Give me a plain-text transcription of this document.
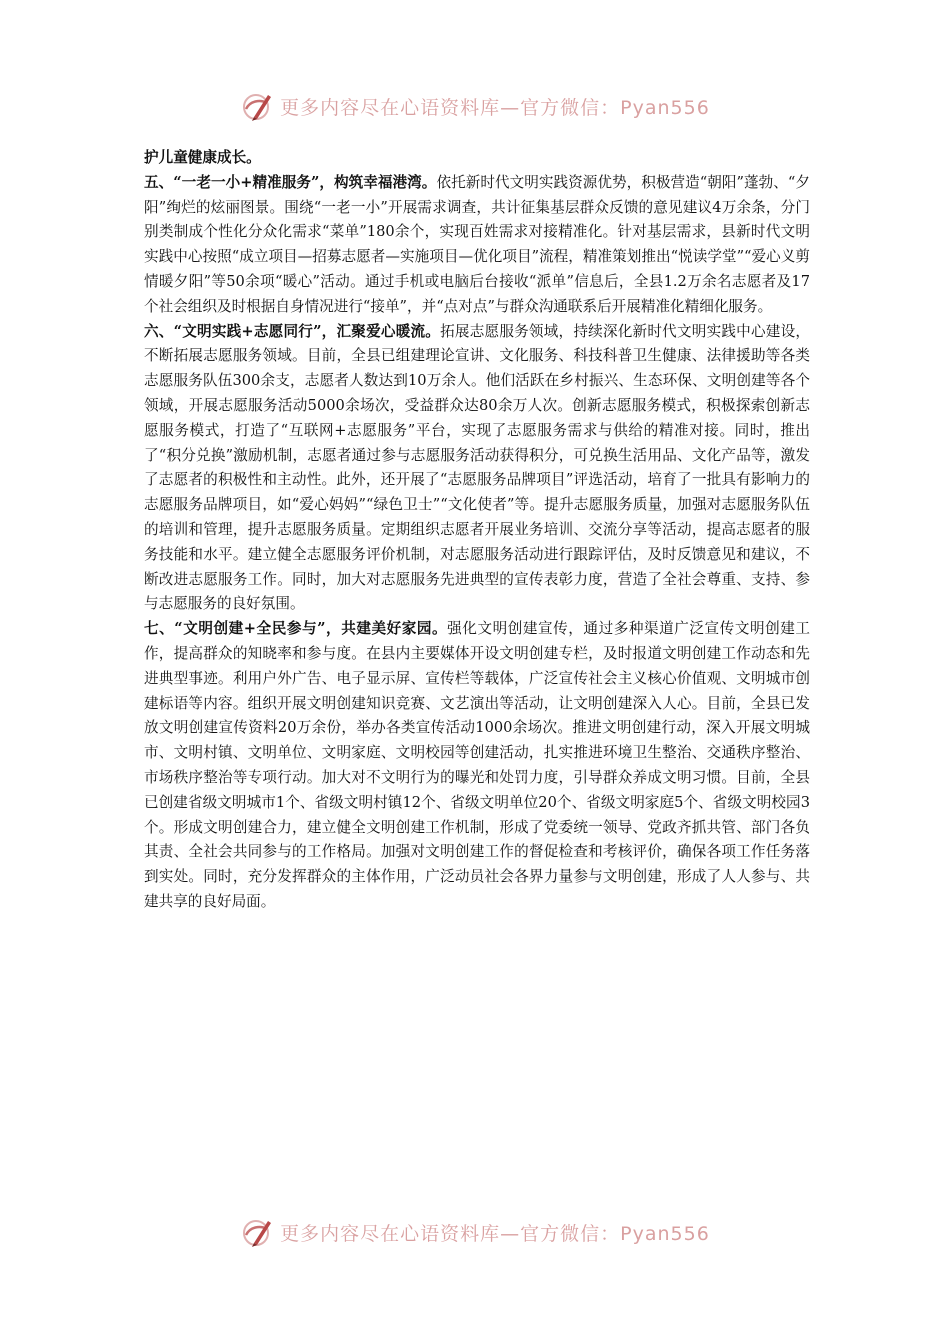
更多内容尽在心语资料库—官方微信：Pyan556

护儿童健康成长。

五、“一老一小+精准服务”，构筑幸福港湾。依托新时代文明实践资源优势，积极营造“朝阳”蓬勃、“夕阳”绚烂的炫丽图景。围绕“一老一小”开展需求调查，共计征集基层群众反馈的意见建议4万余条，分门别类制成个性化分众化需求“菜单”180余个，实现百姓需求对接精准化。针对基层需求，县新时代文明实践中心按照“成立项目—招募志愿者—实施项目—优化项目”流程，精准策划推出“悦读学堂”“爱心义剪情暖夕阳”等50余项“暖心”活动。通过手机或电脑后台接收“派单”信息后，全县1.2万余名志愿者及17个社会组织及时根据自身情况进行“接单”，并“点对点”与群众沟通联系后开展精准化精细化服务。

六、“文明实践+志愿同行”，汇聚爱心暖流。拓展志愿服务领域，持续深化新时代文明实践中心建设，不断拓展志愿服务领域。目前，全县已组建理论宣讲、文化服务、科技科普卫生健康、法律援助等各类志愿服务队伍300余支，志愿者人数达到10万余人。他们活跃在乡村振兴、生态环保、文明创建等各个领域，开展志愿服务活动5000余场次，受益群众达80余万人次。创新志愿服务模式，积极探索创新志愿服务模式，打造了“互联网+志愿服务”平台，实现了志愿服务需求与供给的精准对接。同时，推出了“积分兑换”激励机制，志愿者通过参与志愿服务活动获得积分，可兑换生活用品、文化产品等，激发了志愿者的积极性和主动性。此外，还开展了“志愿服务品牌项目”评选活动，培育了一批具有影响力的志愿服务品牌项目，如“爱心妈妈”“绿色卫士”“文化使者”等。提升志愿服务质量，加强对志愿服务队伍的培训和管理，提升志愿服务质量。定期组织志愿者开展业务培训、交流分享等活动，提高志愿者的服务技能和水平。建立健全志愿服务评价机制，对志愿服务活动进行跟踪评估，及时反馈意见和建议，不断改进志愿服务工作。同时，加大对志愿服务先进典型的宣传表彰力度，营造了全社会尊重、支持、参与志愿服务的良好氛围。

七、“文明创建+全民参与”，共建美好家园。强化文明创建宣传，通过多种渠道广泛宣传文明创建工作，提高群众的知晓率和参与度。在县内主要媒体开设文明创建专栏，及时报道文明创建工作动态和先进典型事迹。利用户外广告、电子显示屏、宣传栏等载体，广泛宣传社会主义核心价值观、文明城市创建标语等内容。组织开展文明创建知识竞赛、文艺演出等活动，让文明创建深入人心。目前，全县已发放文明创建宣传资料20万余份，举办各类宣传活动1000余场次。推进文明创建行动，深入开展文明城市、文明村镇、文明单位、文明家庭、文明校园等创建活动，扎实推进环境卫生整治、交通秩序整治、市场秩序整治等专项行动。加大对不文明行为的曝光和处罚力度，引导群众养成文明习惯。目前，全县已创建省级文明城市1个、省级文明村镇12个、省级文明单位20个、省级文明家庭5个、省级文明校园3个。形成文明创建合力，建立健全文明创建工作机制，形成了党委统一领导、党政齐抓共管、部门各负其责、全社会共同参与的工作格局。加强对文明创建工作的督促检查和考核评价，确保各项工作任务落到实处。同时，充分发挥群众的主体作用，广泛动员社会各界力量参与文明创建，形成了人人参与、共建共享的良好局面。

更多内容尽在心语资料库—官方微信：Pyan556
